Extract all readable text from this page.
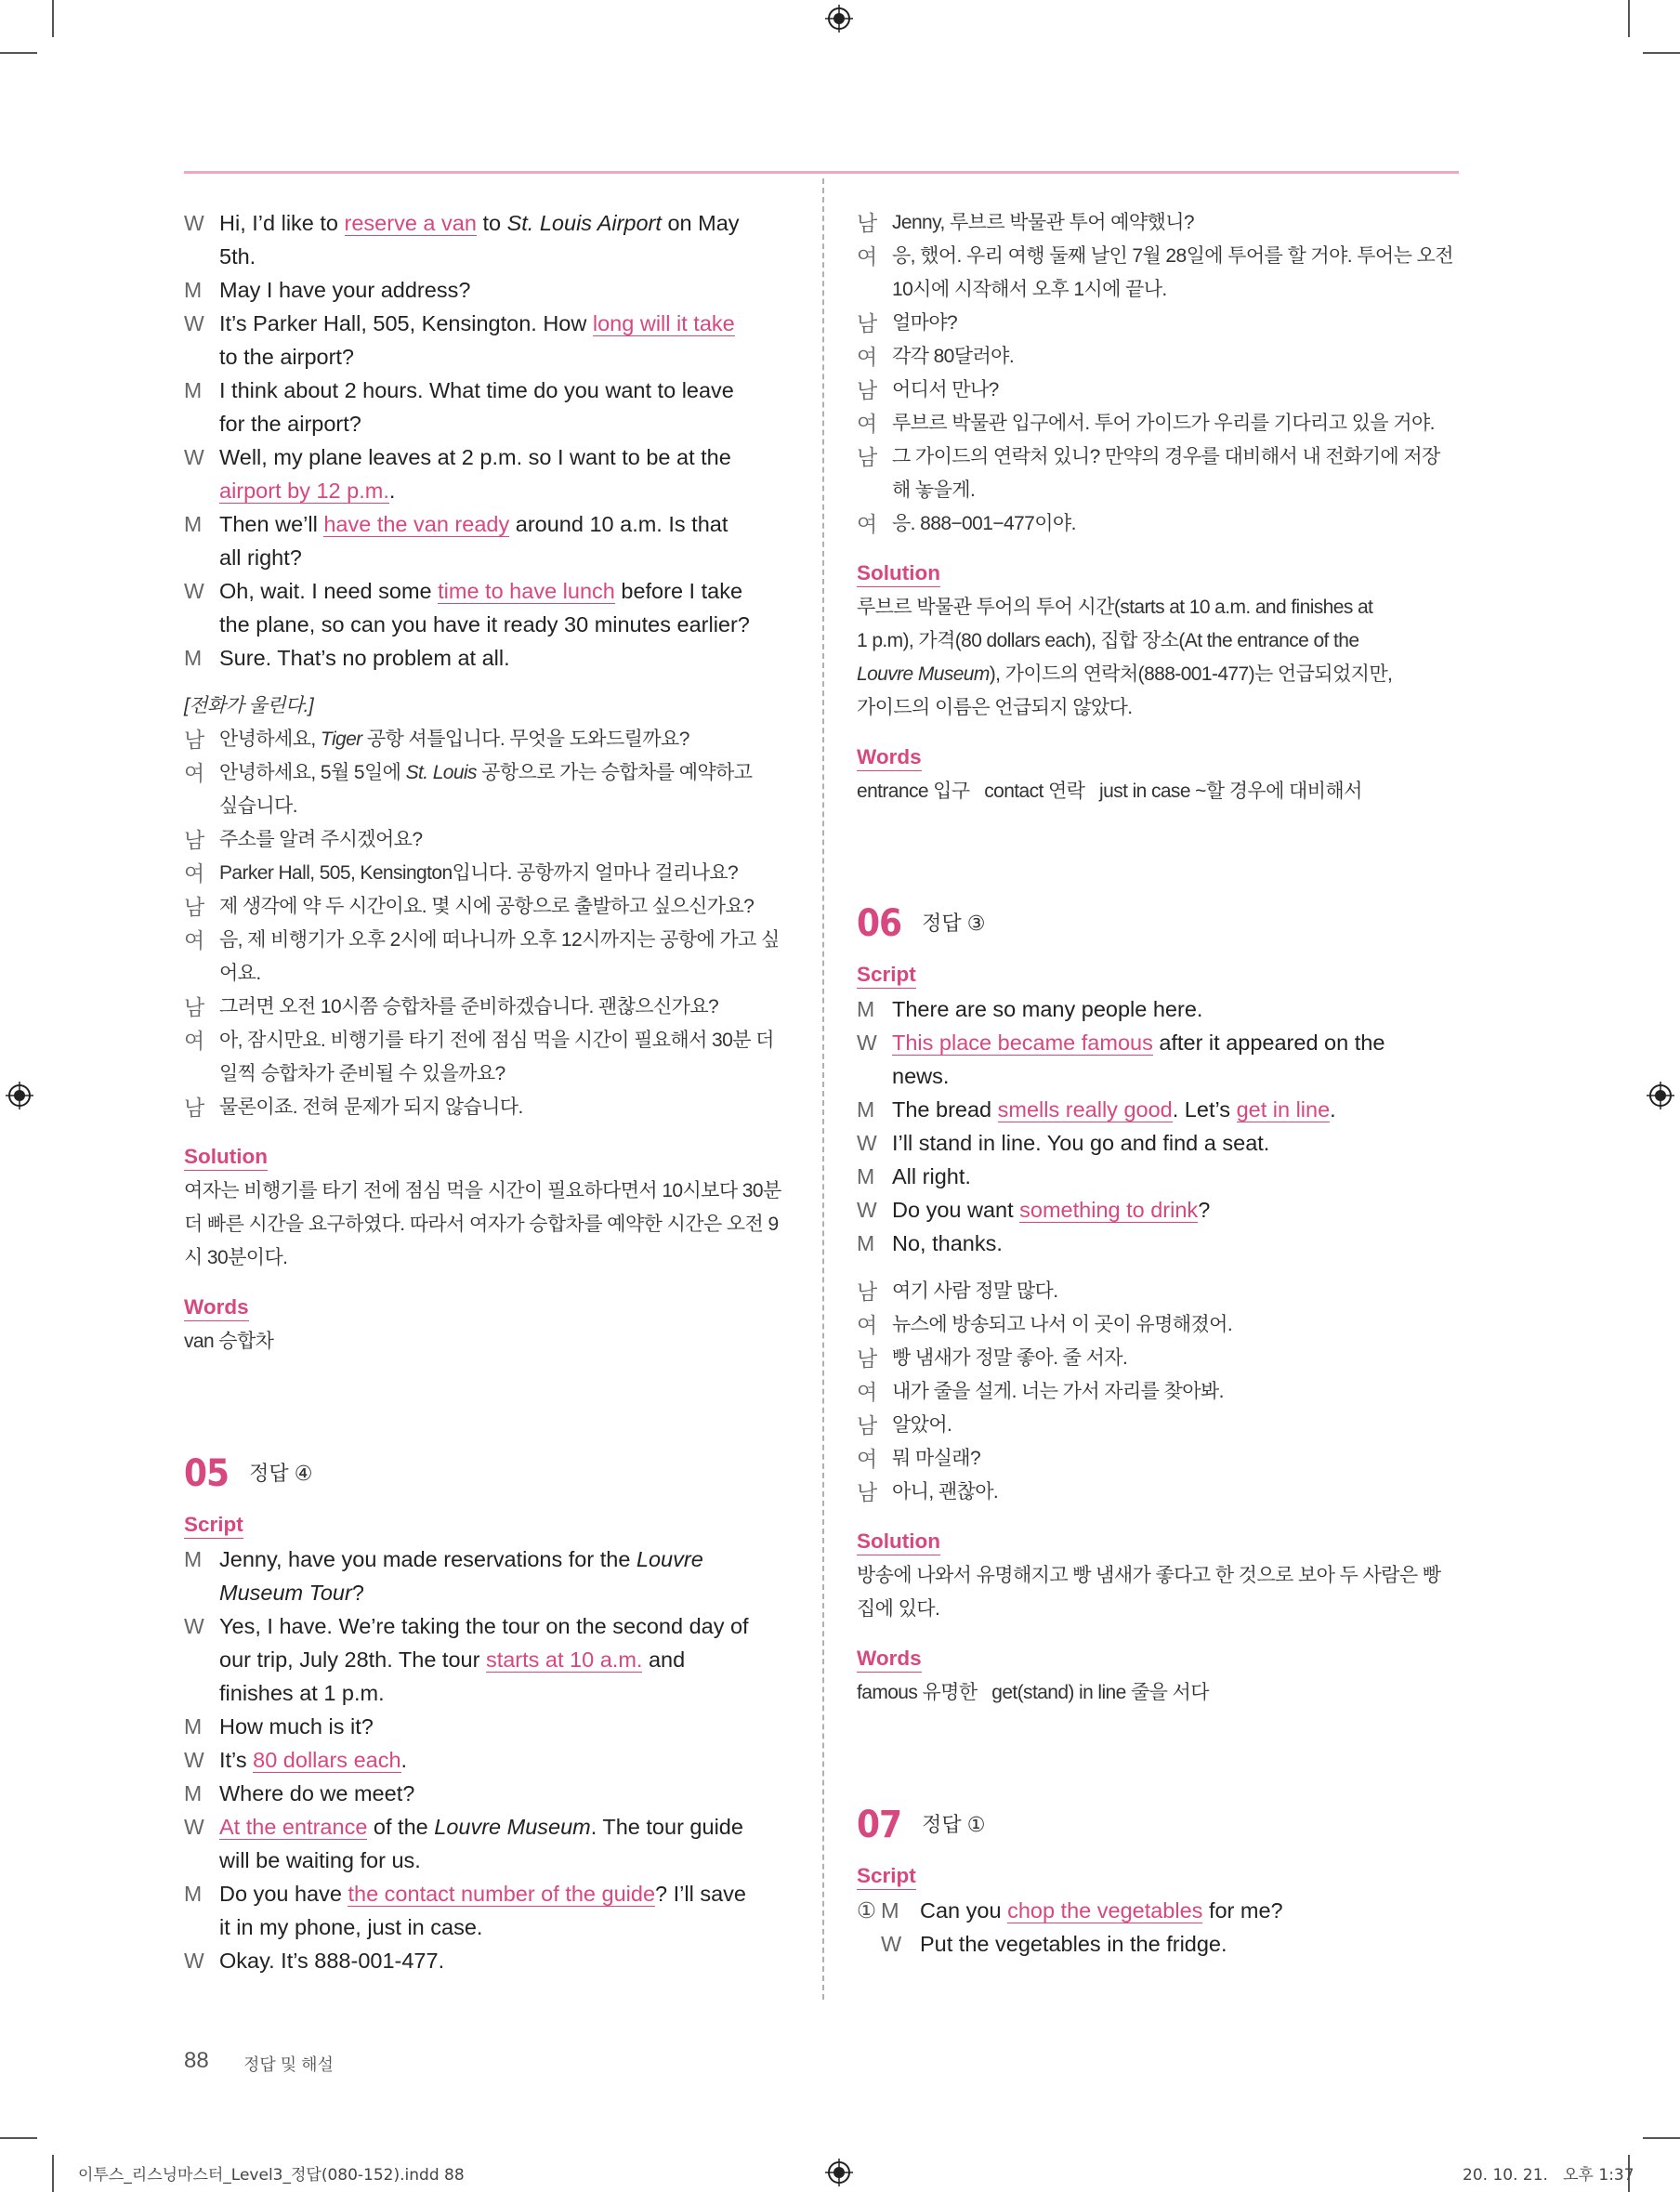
W Hi, I’d like to reserve a van to St. Louis Airport on May
5th.
M May I have your address?
W It’s Parker Hall, 505, Kensington. How long will it take
to the airport?
M I think about 2 hours. What time do you want to leave
for the airport?
W Well, my plane leaves at 2 p.m. so I want to be at the
airport by 12 p.m..
M Then we’ll have the van ready around 10 a.m. Is that
all right?
W Oh, wait. I need some time to have lunch before I take
the plane, so can you have it ready 30 minutes earlier?
M Sure. That’s no problem at all.
[전화가 울린다.]
남 안녕하세요, Tiger 공항 셔틀입니다. 무엇을 도와드릴까요?
여 안녕하세요, 5월 5일에 St. Louis 공항으로 가는 승합차를 예약하고
싶습니다.
남 주소를 알려 주시겠어요?
여 Parker Hall, 505, Kensington입니다. 공항까지 얼마나 걸리나요?
남 제 생각에 약 두 시간이요. 몇 시에 공항으로 출발하고 싶으신가요?
여 음, 제 비행기가 오후 2시에 떠나니까 오후 12시까지는 공항에 가고 싶
어요.
남 그러면 오전 10시쯤 승합차를 준비하겠습니다. 괜찮으신가요?
여 아, 잠시만요. 비행기를 타기 전에 점심 먹을 시간이 필요해서 30분 더
일찍 승합차가 준비될 수 있을까요?
남 물론이죠. 전혀 문제가 되지 않습니다.
Solution
여자는 비행기를 타기 전에 점심 먹을 시간이 필요하다면서 10시보다 30분
더 빠른 시간을 요구하였다. 따라서 여자가 승합차를 예약한 시간은 오전 9
시 30분이다.
Words
van 승합차
05 정답 ④
Script
M Jenny, have you made reservations for the Louvre
Museum Tour?
W Yes, I have. We’re taking the tour on the second day of
our trip, July 28th. The tour starts at 10 a.m. and
finishes at 1 p.m.
M How much is it?
W It’s 80 dollars each.
M Where do we meet?
W At the entrance of the Louvre Museum. The tour guide
will be waiting for us.
M Do you have the contact number of the guide? I’ll save
it in my phone, just in case.
W Okay. It’s 888-001-477.
남 Jenny, 루브르 박물관 투어 예약했니?
여 응, 했어. 우리 여행 둘째 날인 7월 28일에 투어를 할 거야. 투어는 오전
10시에 시작해서 오후 1시에 끝나.
남 얼마야?
여 각각 80달러야.
남 어디서 만나?
여 루브르 박물관 입구에서. 투어 가이드가 우리를 기다리고 있을 거야.
남 그 가이드의 연락처 있니? 만약의 경우를 대비해서 내 전화기에 저장
해 놓을게.
여 응. 888−001−477이야.
Solution
루브르 박물관 투어의 투어 시간(starts at 10 a.m. and finishes at
1 p.m), 가격(80 dollars each), 집합 장소(At the entrance of the
Louvre Museum), 가이드의 연락처(888-001-477)는 언급되었지만,
가이드의 이름은 언급되지 않았다.
Words
entrance 입구   contact 연락   just in case ~할 경우에 대비해서
06 정답 ③
Script
M There are so many people here.
W This place became famous after it appeared on the
news.
M The bread smells really good. Let’s get in line.
W I’ll stand in line. You go and find a seat.
M All right.
W Do you want something to drink?
M No, thanks.
남 여기 사람 정말 많다.
여 뉴스에 방송되고 나서 이 곳이 유명해졌어.
남 빵 냄새가 정말 좋아. 줄 서자.
여 내가 줄을 설게. 너는 가서 자리를 찾아봐.
남 알았어.
여 뭐 마실래?
남 아니, 괜찮아.
Solution
방송에 나와서 유명해지고 빵 냄새가 좋다고 한 것으로 보아 두 사람은 빵
집에 있다.
Words
famous 유명한   get(stand) in line 줄을 서다
07 정답 ①
Script
① M Can you chop the vegetables for me?
W Put the vegetables in the fridge.
88 정답 및 해설
이투스_리스닝마스터_Level3_정답(080-152).indd 88	20. 10. 21.   오후 1:37
